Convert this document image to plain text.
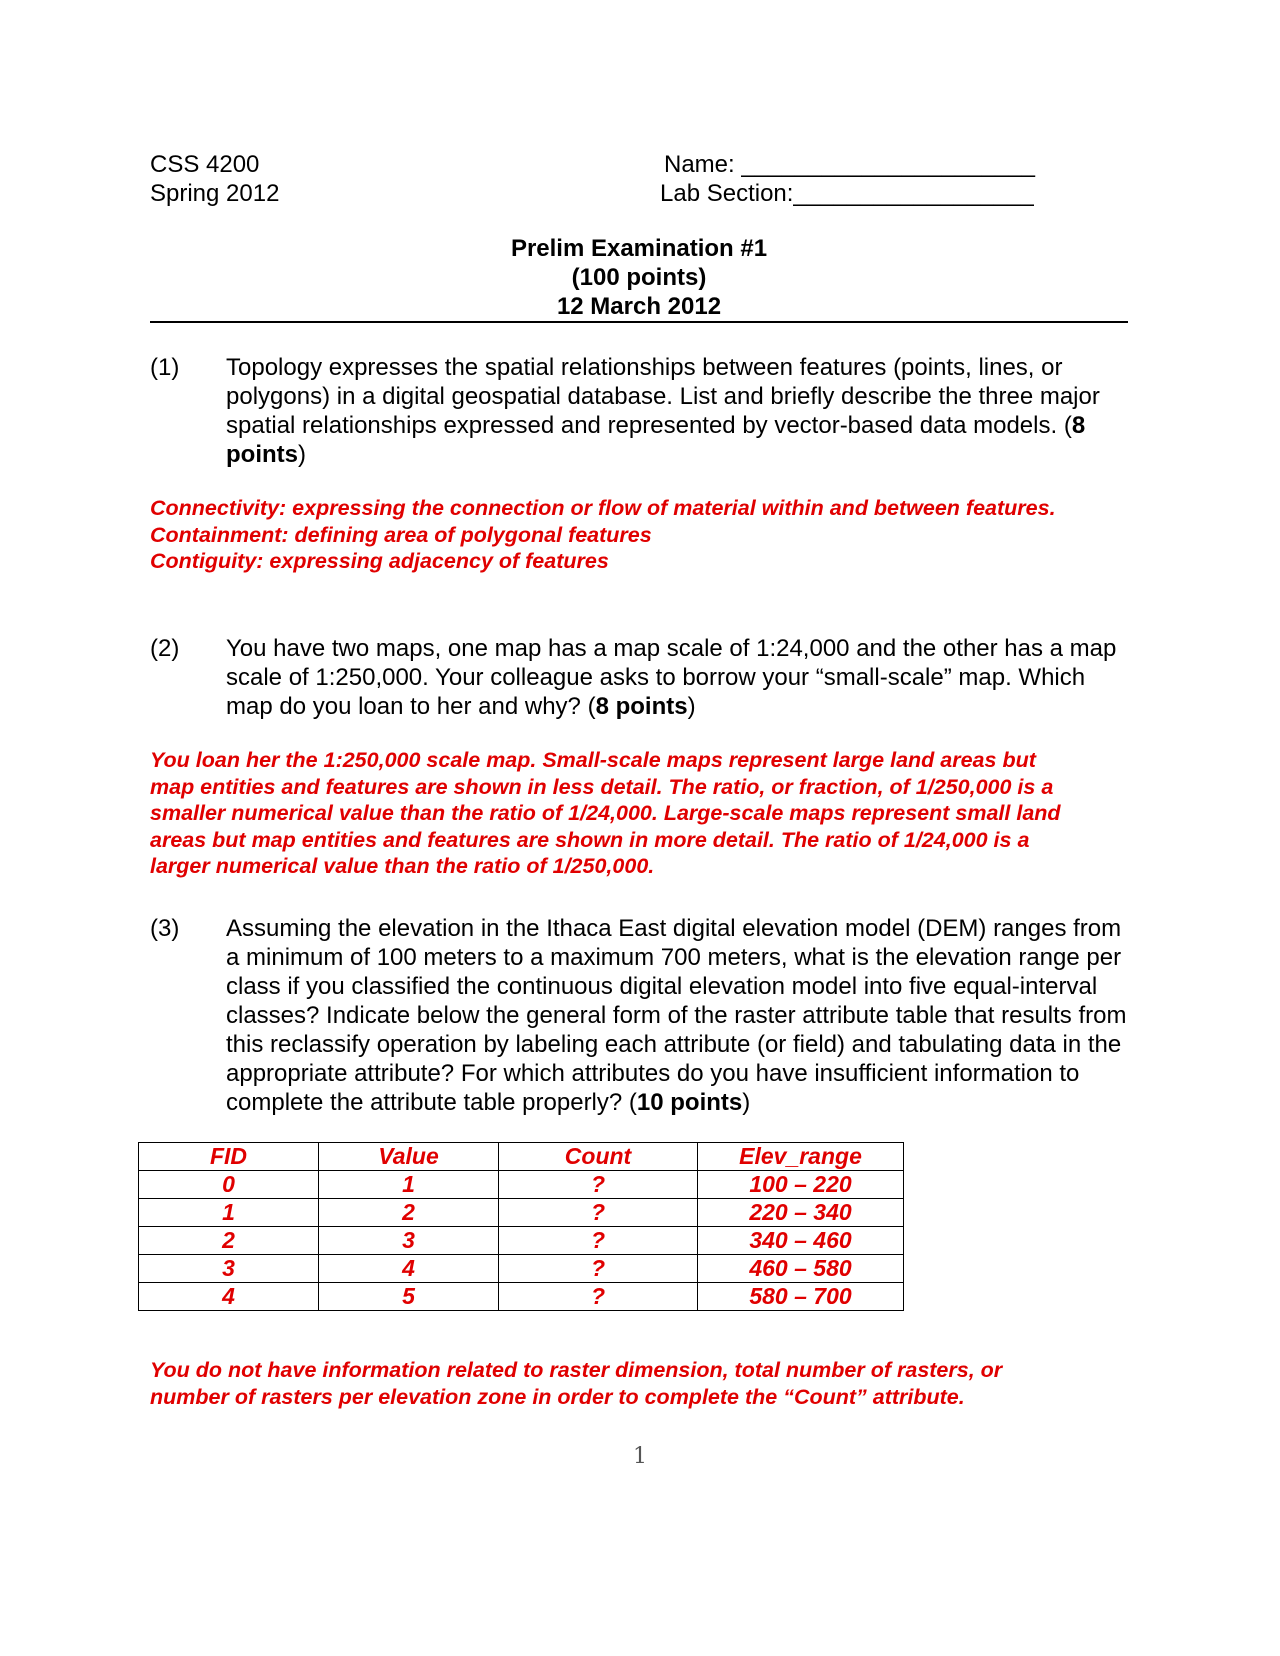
CSS 4200
Spring 2012
Name: ______________________
Lab Section:__________________
Prelim Examination #1
(100 points)
12 March 2012
(1) Topology expresses the spatial relationships between features (points, lines, or polygons) in a digital geospatial database. List and briefly describe the three major spatial relationships expressed and represented by vector-based data models. (8 points)
Connectivity: expressing the connection or flow of material within and between features.
Containment: defining area of polygonal features
Contiguity: expressing adjacency of features
(2) You have two maps, one map has a map scale of 1:24,000 and the other has a map scale of 1:250,000. Your colleague asks to borrow your “small-scale” map. Which map do you loan to her and why? (8 points)
You loan her the 1:250,000 scale map. Small-scale maps represent large land areas but
map entities and features are shown in less detail. The ratio, or fraction, of 1/250,000 is a
smaller numerical value than the ratio of 1/24,000. Large-scale maps represent small land
areas but map entities and features are shown in more detail. The ratio of 1/24,000 is a
larger numerical value than the ratio of 1/250,000.
(3) Assuming the elevation in the Ithaca East digital elevation model (DEM) ranges from a minimum of 100 meters to a maximum 700 meters, what is the elevation range per class if you classified the continuous digital elevation model into five equal-interval classes? Indicate below the general form of the raster attribute table that results from this reclassify operation by labeling each attribute (or field) and tabulating data in the appropriate attribute? For which attributes do you have insufficient information to complete the attribute table properly? (10 points)
FID	Value	Count	Elev_range
0	1	?	100 – 220
1	2	?	220 – 340
2	3	?	340 – 460
3	4	?	460 – 580
4	5	?	580 – 700
You do not have information related to raster dimension, total number of rasters, or
number of rasters per elevation zone in order to complete the “Count” attribute.
1
